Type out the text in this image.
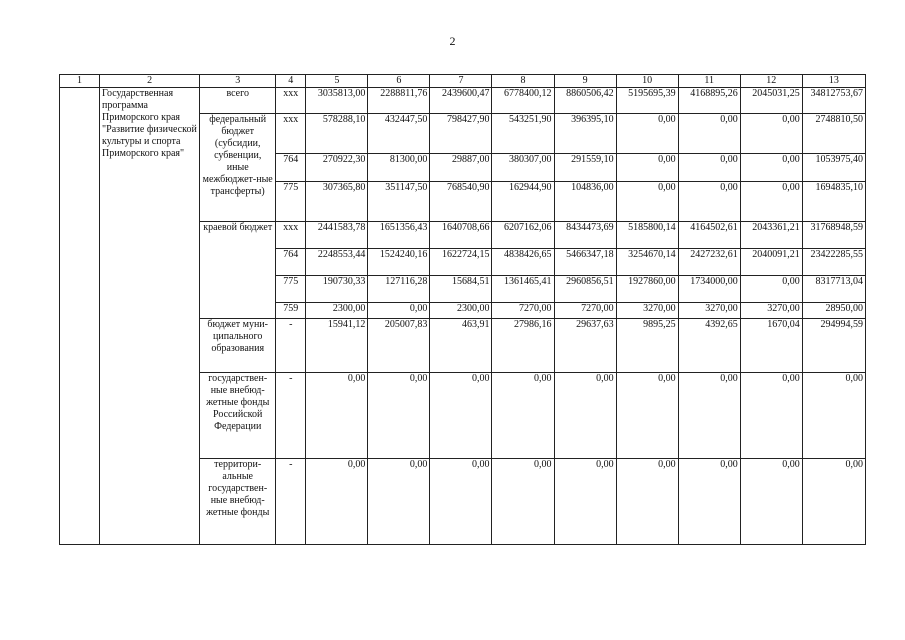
2
1	2	3	4	5	6	7	8	9	10	11	12	13
	Государственная программа Приморского края "Развитие физической культуры и спорта Приморского края"	всего	xxx	3035813,00	2288811,76	2439600,47	6778400,12	8860506,42	5195695,39	4168895,26	2045031,25	34812753,67
		федеральный бюджет (субсидии, субвенции, иные межбюджет-ные трансферты)	xxx	578288,10	432447,50	798427,90	543251,90	396395,10	0,00	0,00	0,00	2748810,50
			764	270922,30	81300,00	29887,00	380307,00	291559,10	0,00	0,00	0,00	1053975,40
			775	307365,80	351147,50	768540,90	162944,90	104836,00	0,00	0,00	0,00	1694835,10
		краевой бюджет	xxx	2441583,78	1651356,43	1640708,66	6207162,06	8434473,69	5185800,14	4164502,61	2043361,21	31768948,59
			764	2248553,44	1524240,16	1622724,15	4838426,65	5466347,18	3254670,14	2427232,61	2040091,21	23422285,55
			775	190730,33	127116,28	15684,51	1361465,41	2960856,51	1927860,00	1734000,00	0,00	8317713,04
			759	2300,00	0,00	2300,00	7270,00	7270,00	3270,00	3270,00	3270,00	28950,00
		бюджет муни-ципального образования	-	15941,12	205007,83	463,91	27986,16	29637,63	9895,25	4392,65	1670,04	294994,59
		государствен-ные внебюд-жетные фонды Российской Федерации	-	0,00	0,00	0,00	0,00	0,00	0,00	0,00	0,00	0,00
		территори-альные государствен-ные внебюд-жетные фонды	-	0,00	0,00	0,00	0,00	0,00	0,00	0,00	0,00	0,00
